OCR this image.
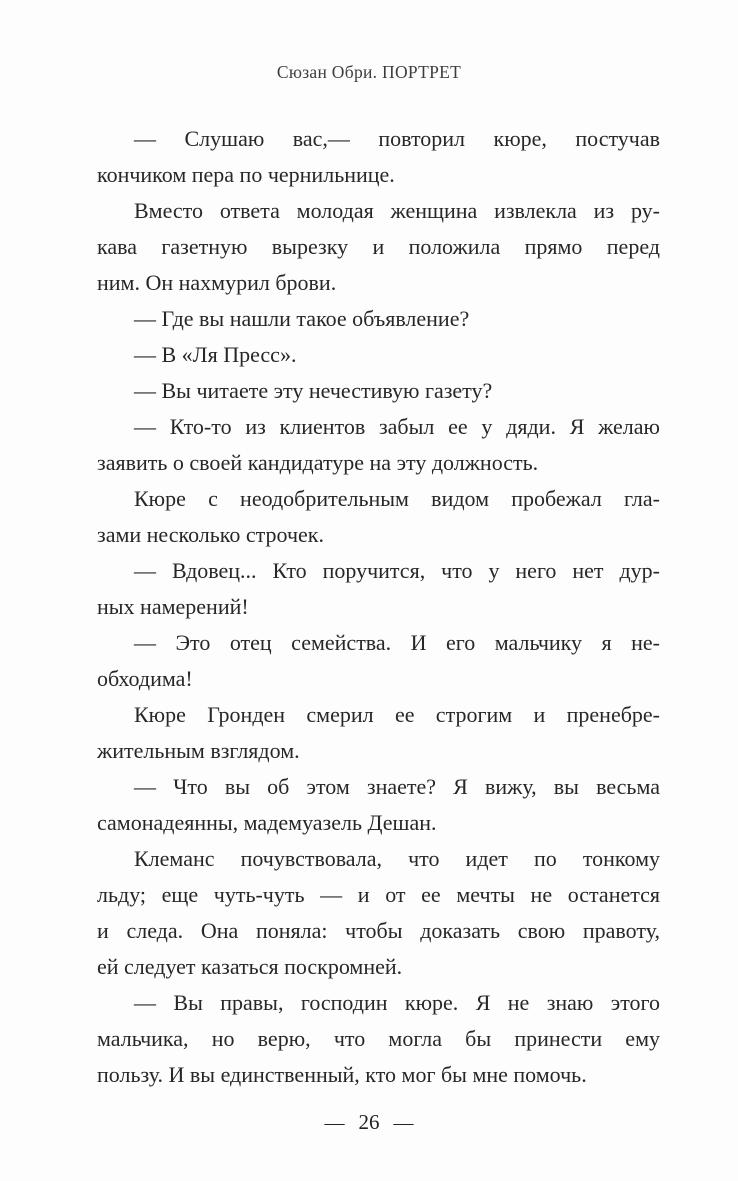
Сюзан Обри. ПОРТРЕТ
— Слушаю вас,— повторил кюре, постучав
кончиком пера по чернильнице.
Вместо ответа молодая женщина извлекла из ру-
кава газетную вырезку и положила прямо перед
ним. Он нахмурил брови.
— Где вы нашли такое объявление?
— В «Ля Пресс».
— Вы читаете эту нечестивую газету?
— Кто-то из клиентов забыл ее у дяди. Я желаю
заявить о своей кандидатуре на эту должность.
Кюре с неодобрительным видом пробежал гла-
зами несколько строчек.
— Вдовец... Кто поручится, что у него нет дур-
ных намерений!
— Это отец семейства. И его мальчику я не-
обходима!
Кюре Гронден смерил ее строгим и пренебре-
жительным взглядом.
— Что вы об этом знаете? Я вижу, вы весьма
самонадеянны, мадемуазель Дешан.
Клеманс почувствовала, что идет по тонкому
льду; еще чуть-чуть — и от ее мечты не останется
и следа. Она поняла: чтобы доказать свою правоту,
ей следует казаться поскромней.
— Вы правы, господин кюре. Я не знаю этого
мальчика, но верю, что могла бы принести ему
пользу. И вы единственный, кто мог бы мне помочь.
— 26 —
